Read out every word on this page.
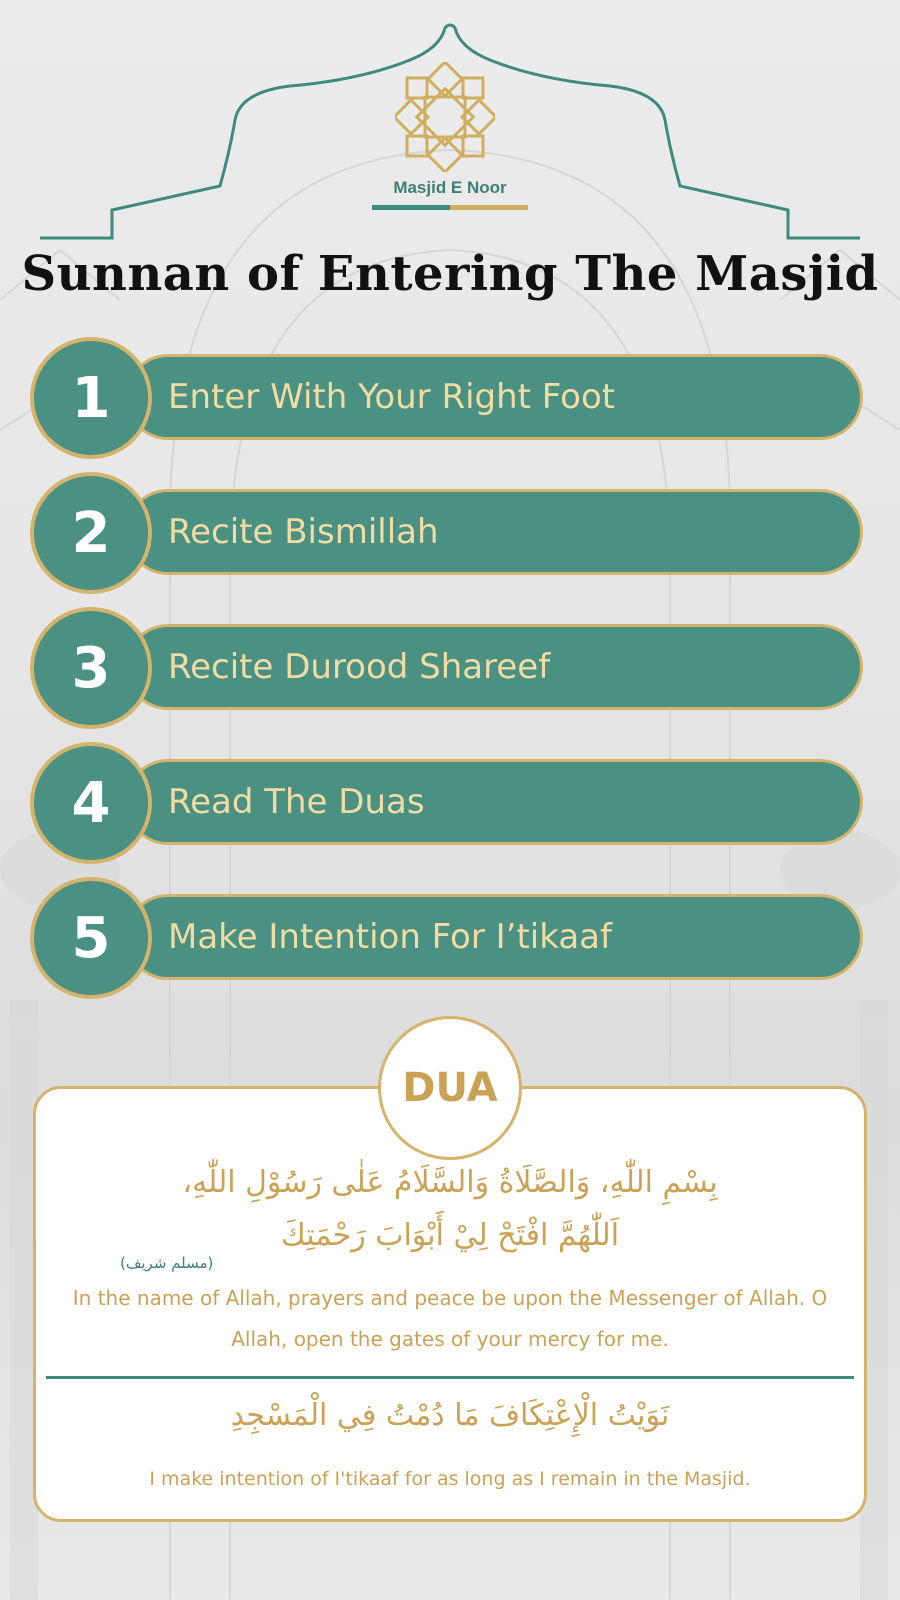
Masjid E Noor
Sunnan of Entering The Masjid
1	Enter With Your Right Foot
2	Recite Bismillah
3	Recite Durood Shareef
4	Read The Duas
5	Make Intention For I’tikaaf
DUA
بِسْمِ اللّٰهِ، وَالصَّلَاةُ وَالسَّلَامُ عَلٰى رَسُوْلِ اللّٰهِ،
اَللّٰهُمَّ افْتَحْ لِيْ أَبْوَابَ رَحْمَتِكَ
(مسلم شريف)
In the name of Allah, prayers and peace be upon the Messenger of Allah. O Allah, open the gates of your mercy for me.
نَوَيْتُ الْإِعْتِكَافَ مَا دُمْتُ فِي الْمَسْجِدِ
I make intention of I'tikaaf for as long as I remain in the Masjid.
